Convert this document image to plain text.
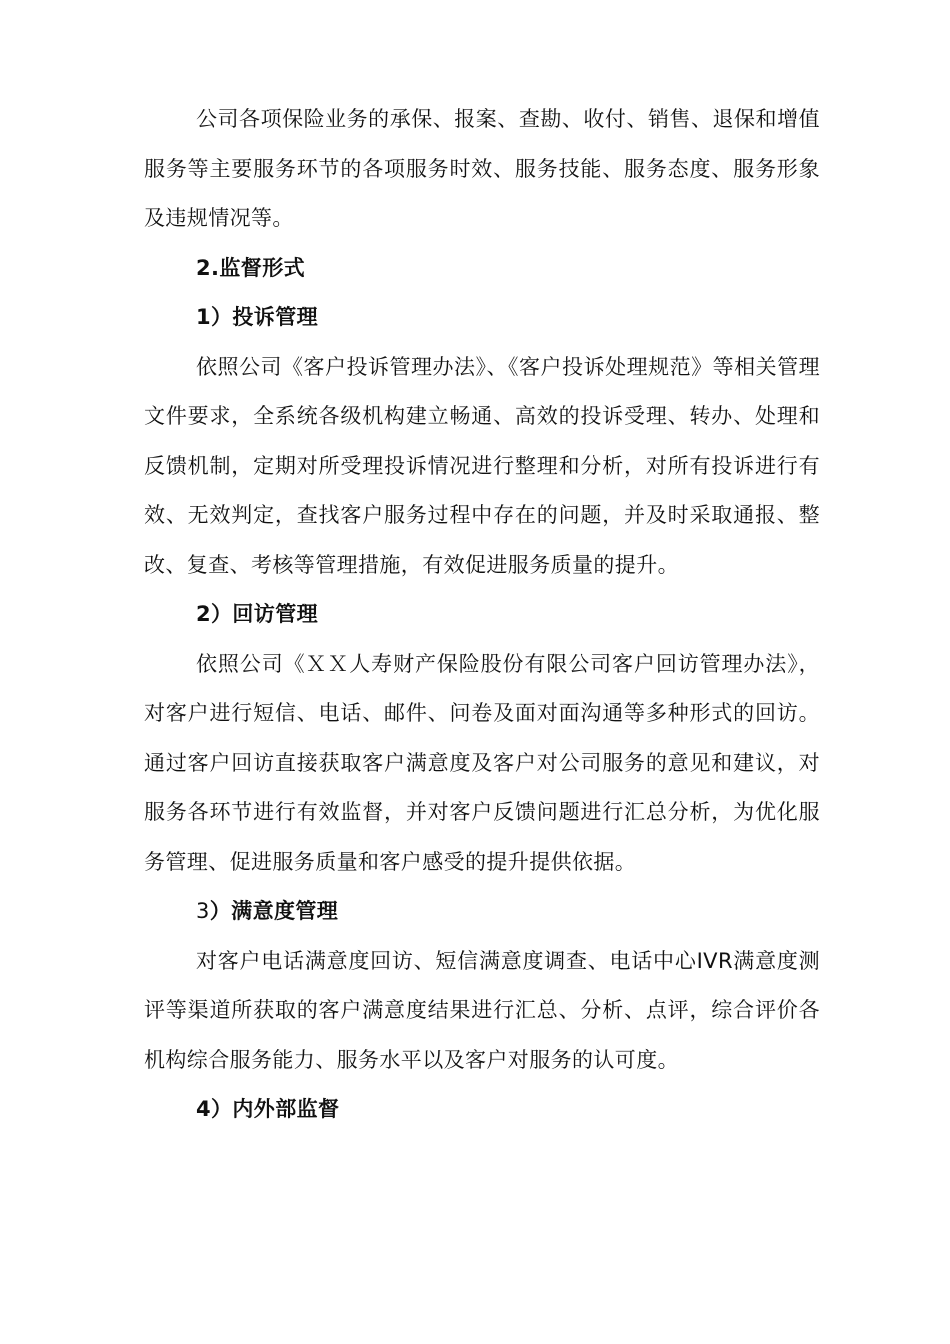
公司各项保险业务的承保、报案、查勘、收付、销售、退保和增值服务等主要服务环节的各项服务时效、服务技能、服务态度、服务形象及违规情况等。

2.监督形式

1）投诉管理

依照公司《客户投诉管理办法》、《客户投诉处理规范》等相关管理文件要求，全系统各级机构建立畅通、高效的投诉受理、转办、处理和反馈机制，定期对所受理投诉情况进行整理和分析，对所有投诉进行有效、无效判定，查找客户服务过程中存在的问题，并及时采取通报、整改、复查、考核等管理措施，有效促进服务质量的提升。

2）回访管理

依照公司《ＸＸ人寿财产保险股份有限公司客户回访管理办法》，对客户进行短信、电话、邮件、问卷及面对面沟通等多种形式的回访。通过客户回访直接获取客户满意度及客户对公司服务的意见和建议，对服务各环节进行有效监督，并对客户反馈问题进行汇总分析，为优化服务管理、促进服务质量和客户感受的提升提供依据。

3）满意度管理

对客户电话满意度回访、短信满意度调查、电话中心IVR满意度测评等渠道所获取的客户满意度结果进行汇总、分析、点评，综合评价各机构综合服务能力、服务水平以及客户对服务的认可度。

4）内外部监督
